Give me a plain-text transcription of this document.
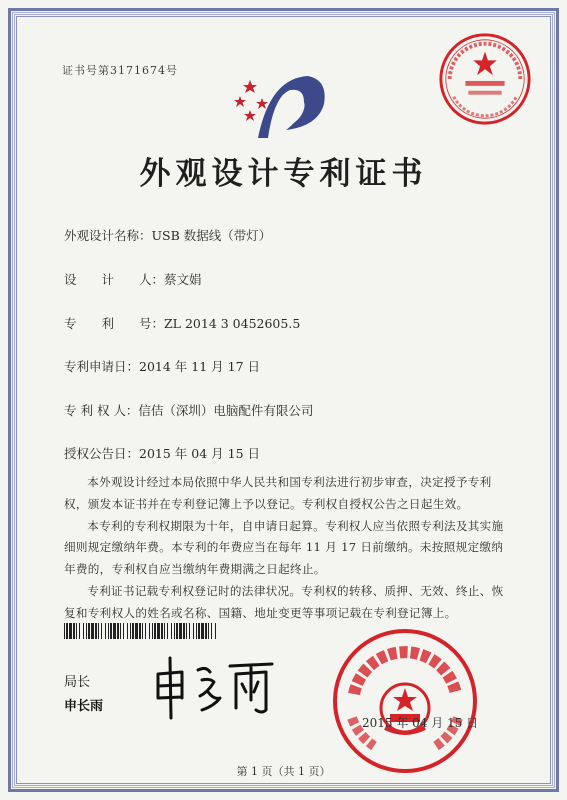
证书号第3171674号
外观设计专利证书
外观设计名称：USB 数据线（带灯）
设　　计　　人：蔡文娟
专　　利　　号：ZL 2014 3 0452605.5
专利申请日：2014 年 11 月 17 日
专 利 权 人：信佶（深圳）电脑配件有限公司
授权公告日：2015 年 04 月 15 日

本外观设计经过本局依照中华人民共和国专利法进行初步审查，决定授予专利权，颁发本证书并在专利登记簿上予以登记。专利权自授权公告之日起生效。

本专利的专利权期限为十年，自申请日起算。专利权人应当依照专利法及其实施细则规定缴纳年费。本专利的年费应当在每年 11 月 17 日前缴纳。未按照规定缴纳年费的，专利权自应当缴纳年费期满之日起终止。

专利证书记载专利权登记时的法律状况。专利权的转移、质押、无效、终止、恢复和专利权人的姓名或名称、国籍、地址变更等事项记载在专利登记簿上。

局长
申长雨
2015 年 04 月 15 日
第 1 页（共 1 页）
